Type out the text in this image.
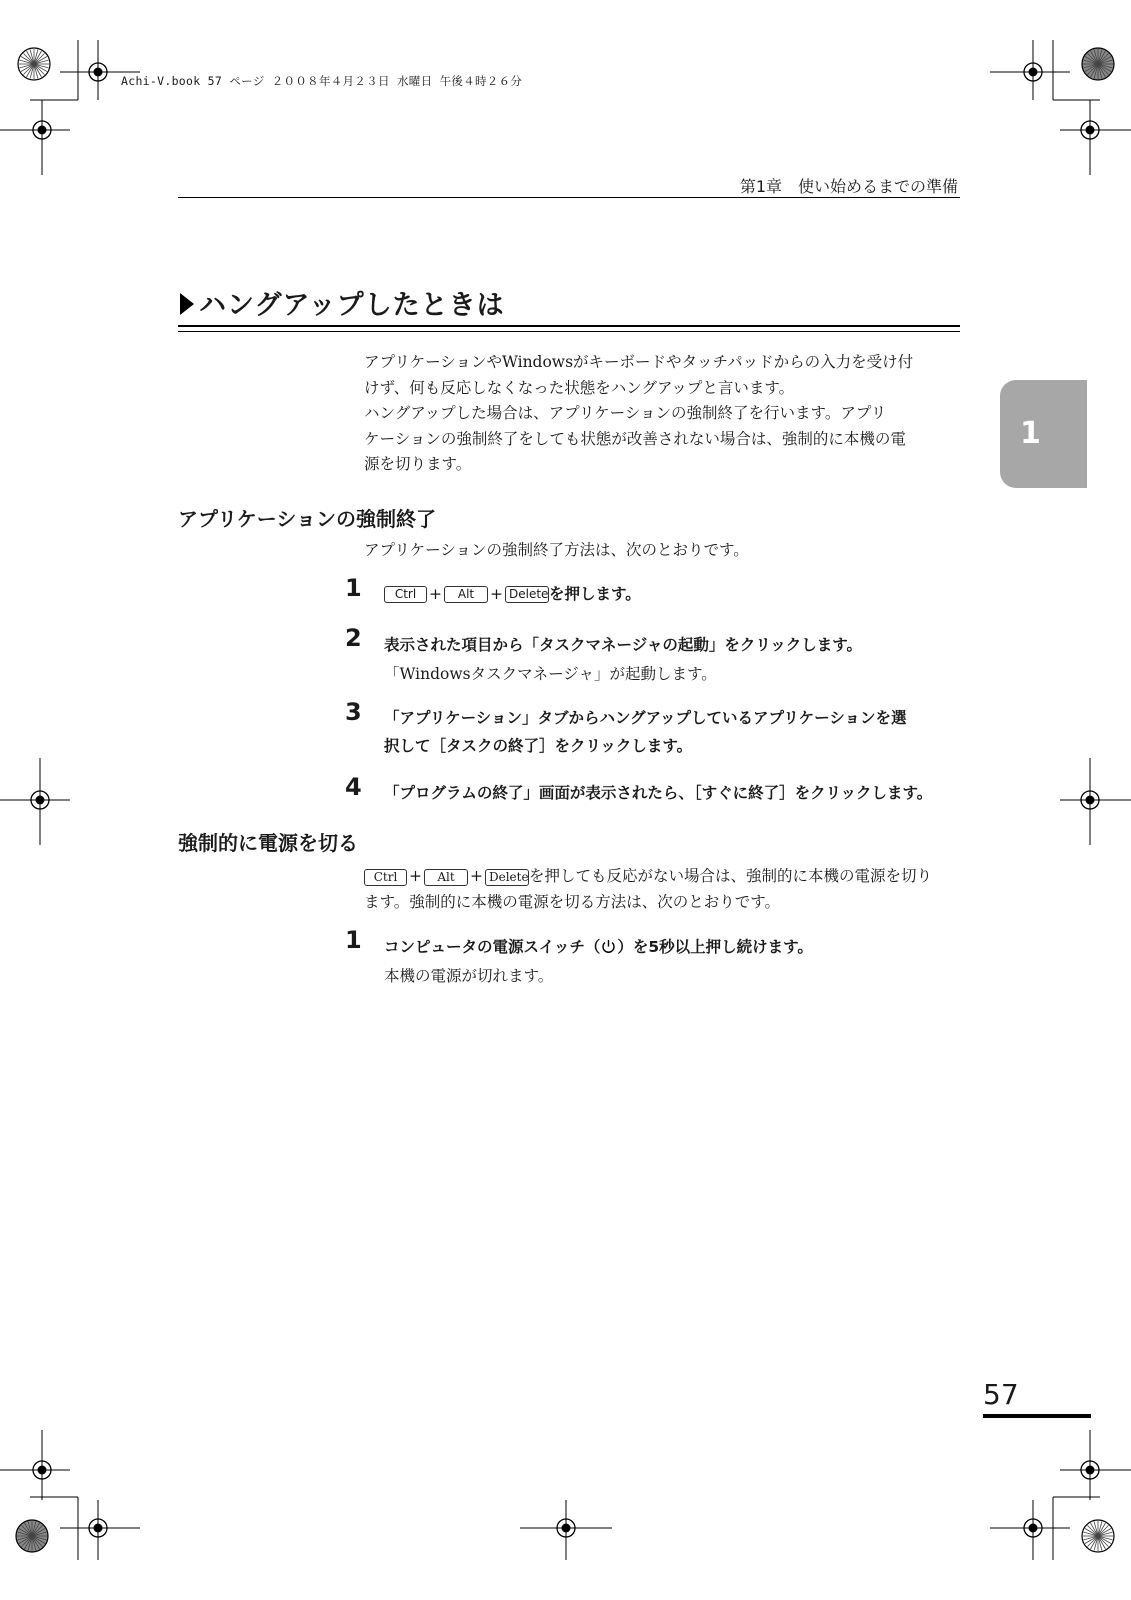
Achi-V.book 57 ページ ２００８年４月２３日 水曜日 午後４時２６分
第1章　使い始めるまでの準備
ハングアップしたときは

アプリケーションやWindowsがキーボードやタッチパッドからの入力を受け付

けず、何も反応しなくなった状態をハングアップと言います。

ハングアップした場合は、アプリケーションの強制終了を行います。アプリ

ケーションの強制終了をしても状態が改善されない場合は、強制的に本機の電

源を切ります。

1
アプリケーションの強制終了
アプリケーションの強制終了方法は、次のとおりです。
1	Ctrl + Alt + Deleteを押します。
2	表示された項目から「タスクマネージャの起動」をクリックします。
「Windowsタスクマネージャ」が起動します。
3	「アプリケーション」タブからハングアップしているアプリケーションを選
択して［タスクの終了］をクリックします。
4	「プログラムの終了」画面が表示されたら、［すぐに終了］をクリックします。
強制的に電源を切る
Ctrl + Alt + Deleteを押しても反応がない場合は、強制的に本機の電源を切り
ます。強制的に本機の電源を切る方法は、次のとおりです。
1	コンピュータの電源スイッチ（ ）を5秒以上押し続けます。
本機の電源が切れます。
57
